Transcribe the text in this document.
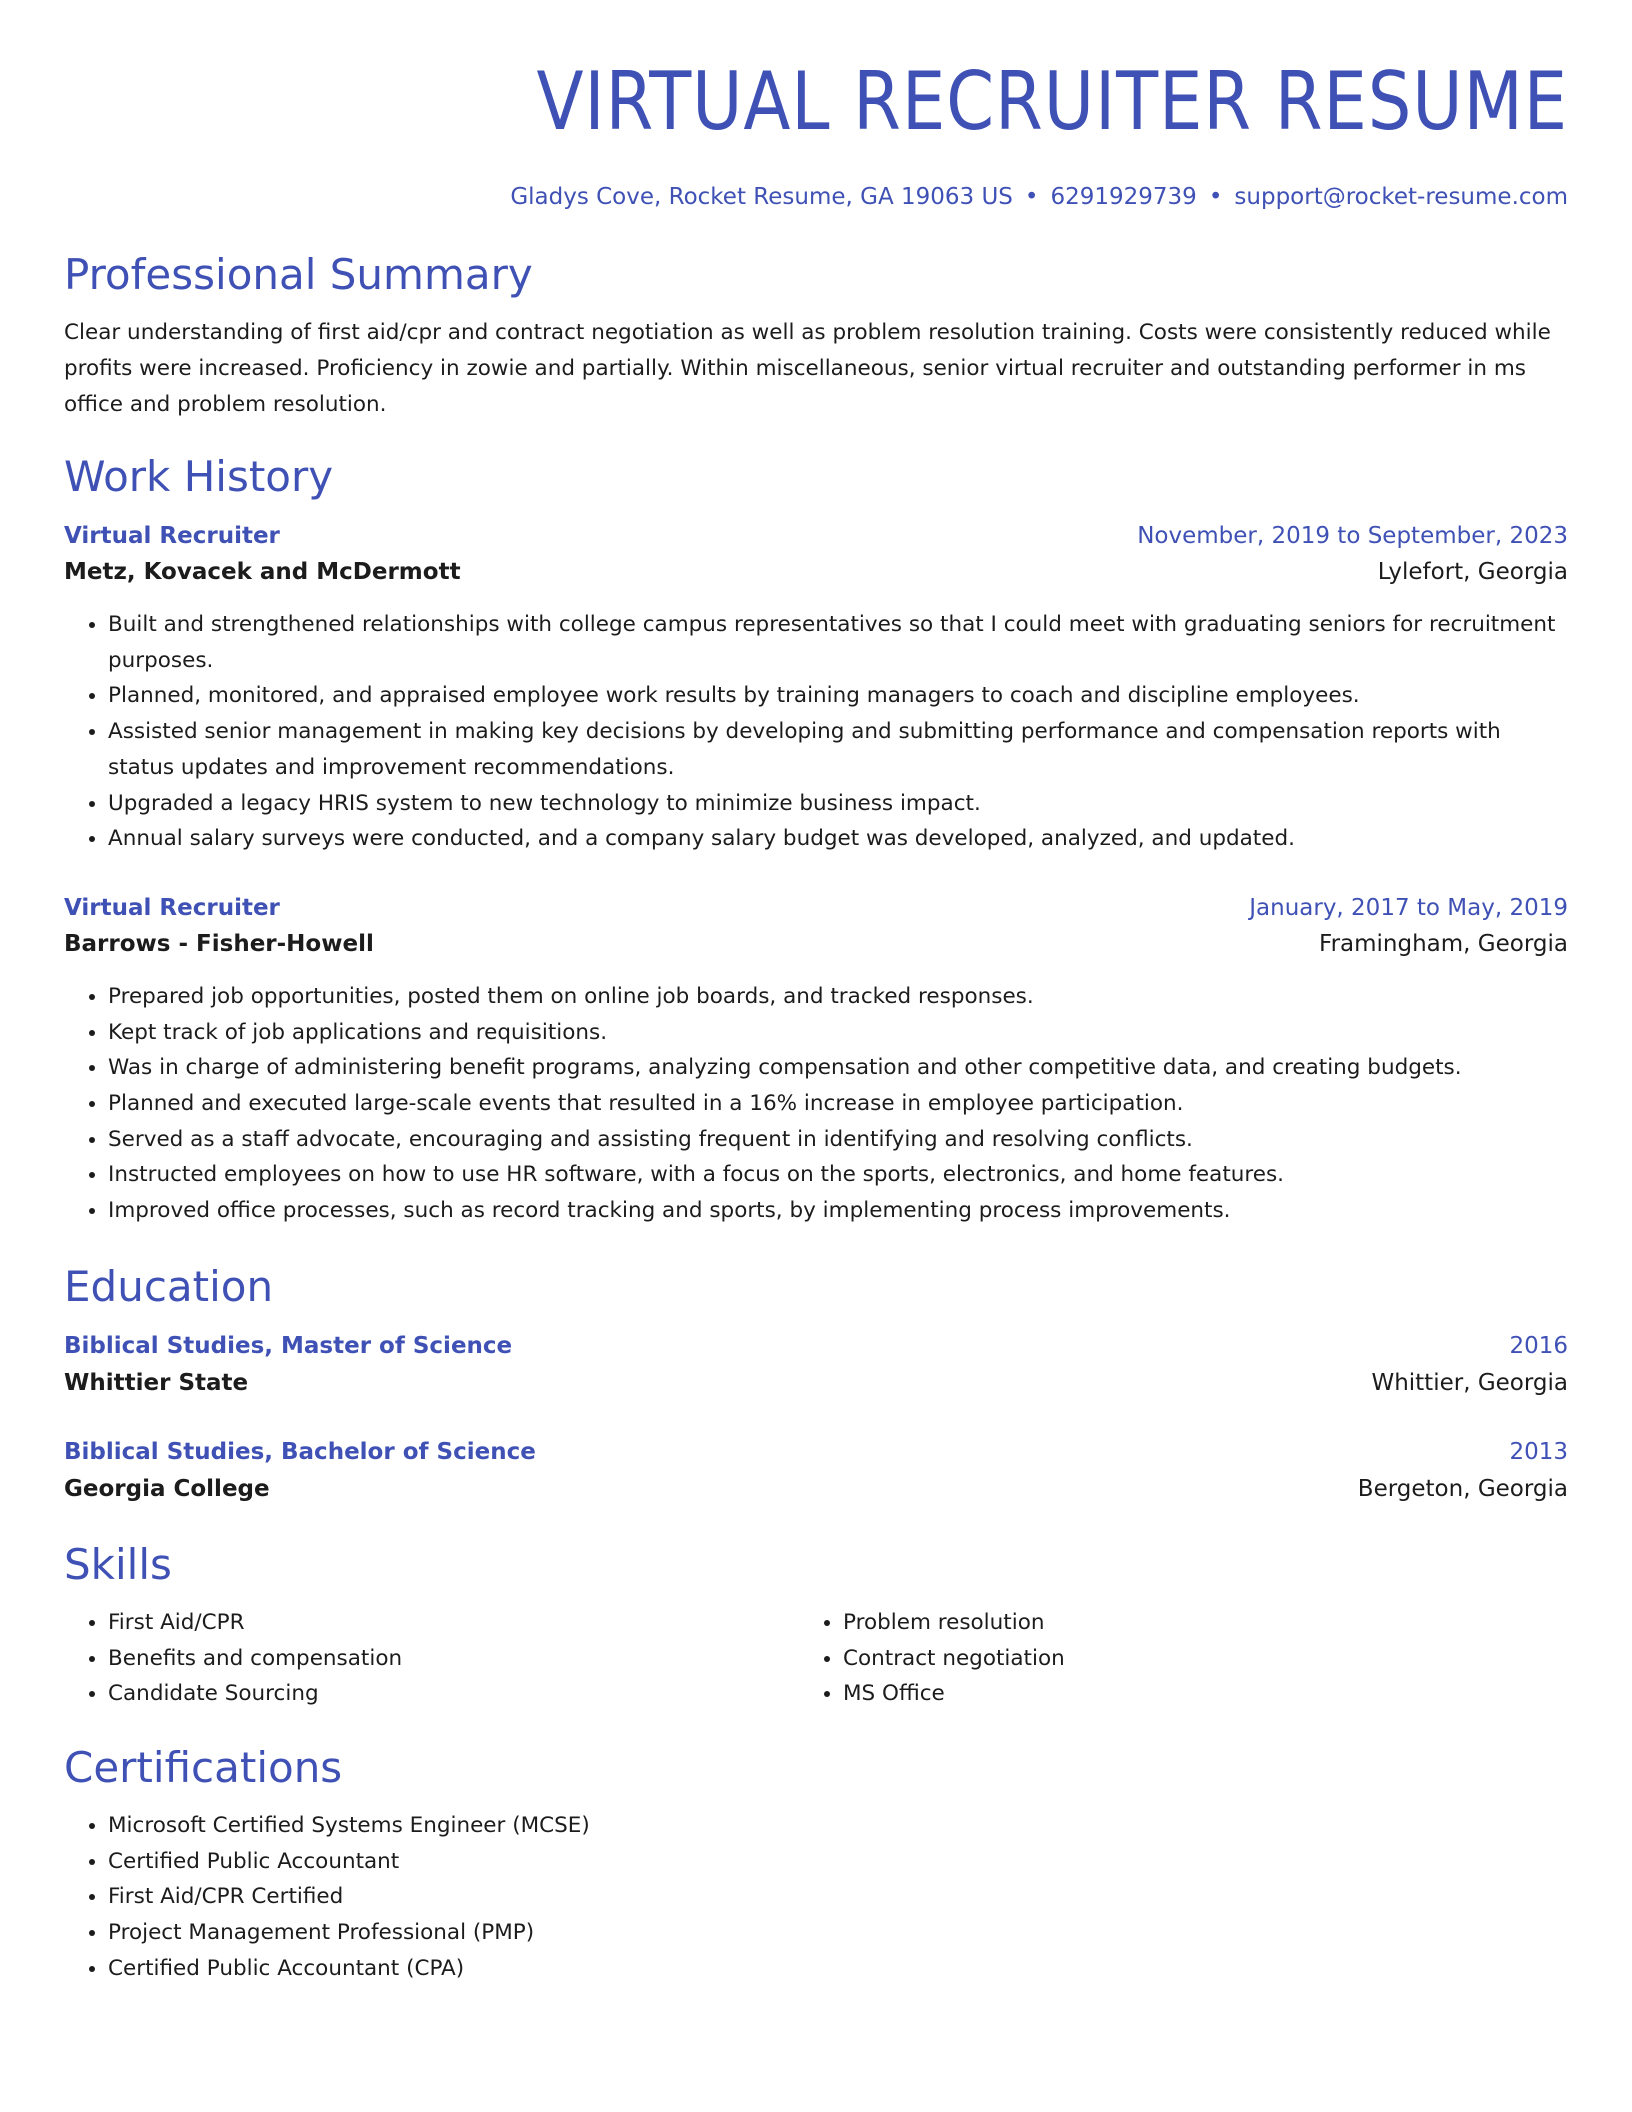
VIRTUAL RECRUITER RESUME
Gladys Cove, Rocket Resume, GA 19063 US • 6291929739 • support@rocket-resume.com
Professional Summary

Clear understanding of first aid/cpr and contract negotiation as well as problem resolution training. Costs were consistently reduced while profits were increased. Proficiency in zowie and partially. Within miscellaneous, senior virtual recruiter and outstanding performer in ms office and problem resolution.

Work History
Virtual Recruiter	November, 2019 to September, 2023
Metz, Kovacek and McDermott	Lylefort, Georgia
• Built and strengthened relationships with college campus representatives so that I could meet with graduating seniors for recruitment purposes.
• Planned, monitored, and appraised employee work results by training managers to coach and discipline employees.
• Assisted senior management in making key decisions by developing and submitting performance and compensation reports with status updates and improvement recommendations.
• Upgraded a legacy HRIS system to new technology to minimize business impact.
• Annual salary surveys were conducted, and a company salary budget was developed, analyzed, and updated.
Virtual Recruiter	January, 2017 to May, 2019
Barrows - Fisher-Howell	Framingham, Georgia
• Prepared job opportunities, posted them on online job boards, and tracked responses.
• Kept track of job applications and requisitions.
• Was in charge of administering benefit programs, analyzing compensation and other competitive data, and creating budgets.
• Planned and executed large-scale events that resulted in a 16% increase in employee participation.
• Served as a staff advocate, encouraging and assisting frequent in identifying and resolving conflicts.
• Instructed employees on how to use HR software, with a focus on the sports, electronics, and home features.
• Improved office processes, such as record tracking and sports, by implementing process improvements.
Education
Biblical Studies, Master of Science	2016
Whittier State	Whittier, Georgia
Biblical Studies, Bachelor of Science	2013
Georgia College	Bergeton, Georgia
Skills
• First Aid/CPR
• Benefits and compensation
• Candidate Sourcing
• Problem resolution
• Contract negotiation
• MS Office
Certifications
• Microsoft Certified Systems Engineer (MCSE)
• Certified Public Accountant
• First Aid/CPR Certified
• Project Management Professional (PMP)
• Certified Public Accountant (CPA)
